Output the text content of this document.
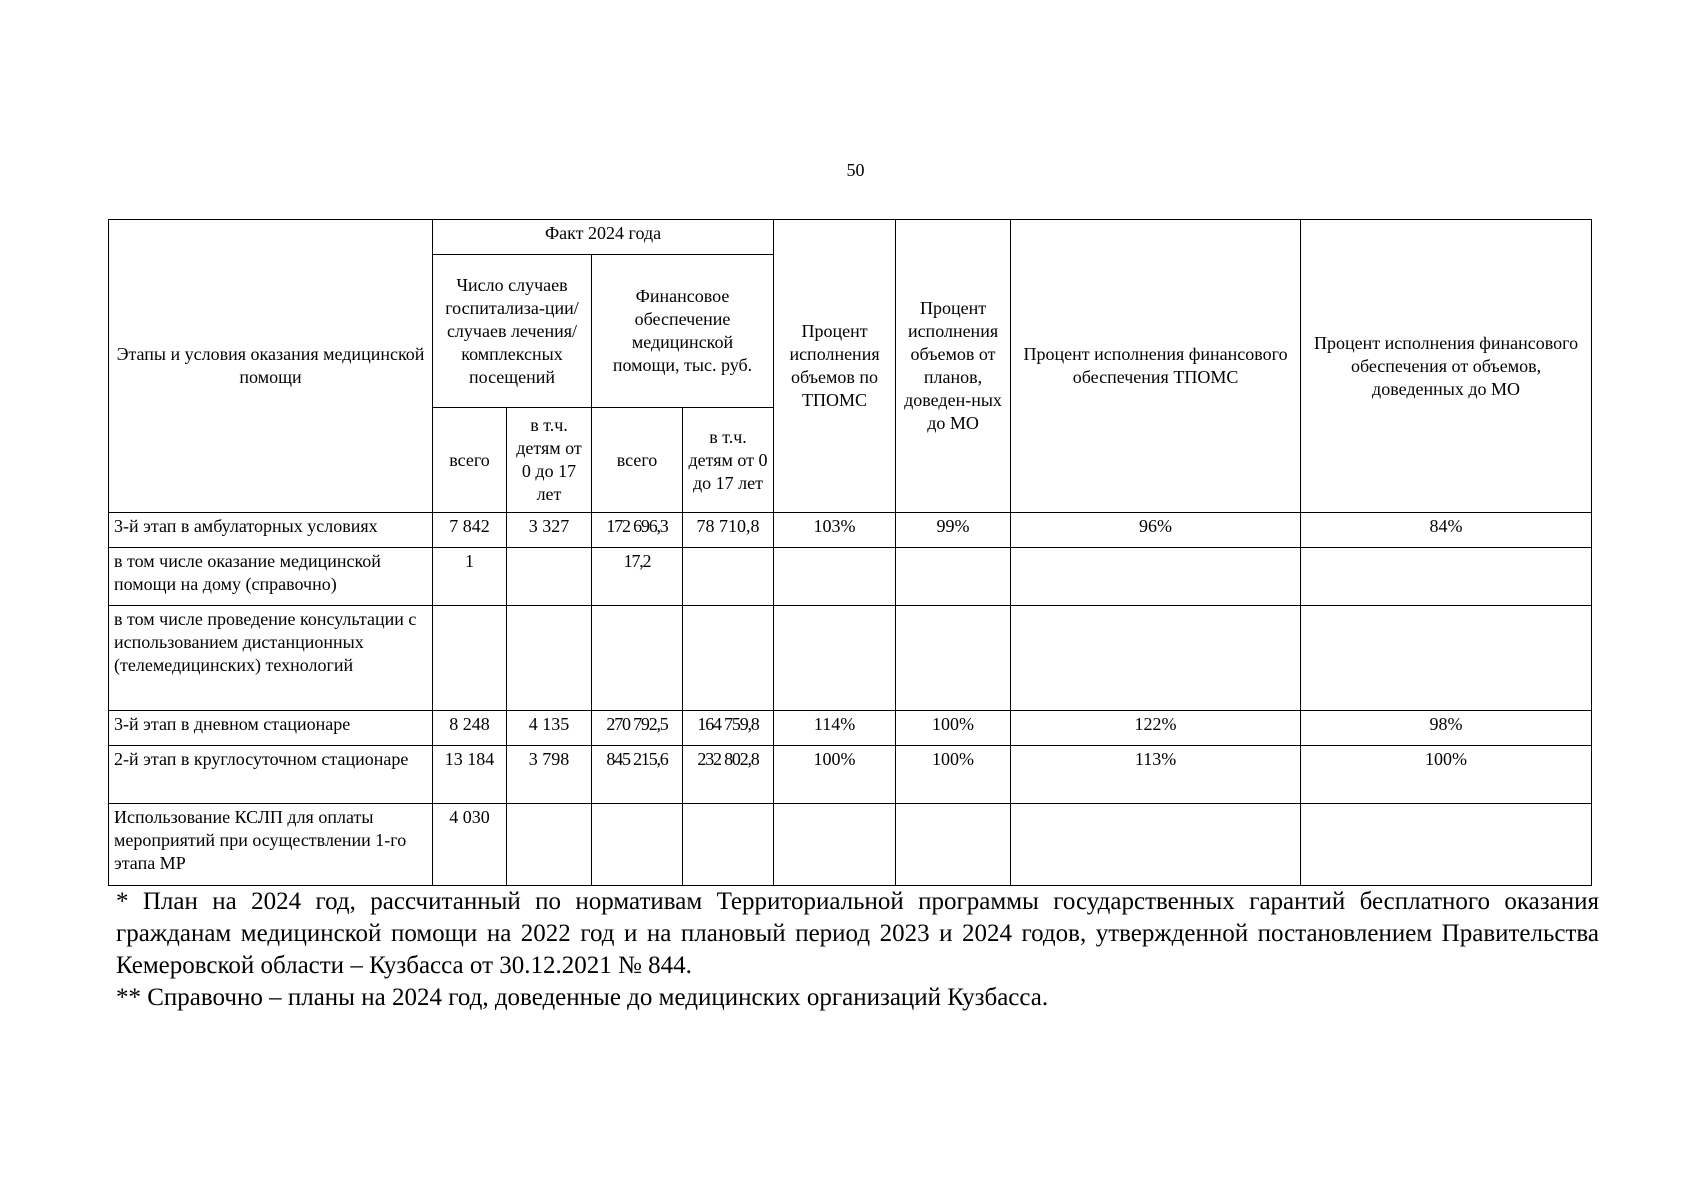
50
Этапы и условия оказания медицинской помощи	Факт 2024 года				Процент исполнения объемов по ТПОМС	Процент исполнения объемов от планов, доведен-ных до МО	Процент исполнения финансового обеспечения ТПОМС	Процент исполнения финансового обеспечения от объемов, доведенных до МО
	Число случаев госпитализа-ции/ случаев лечения/ комплексных посещений		Финансовое обеспечение медицинской помощи, тыс. руб.					
	всего	в т.ч. детям от 0 до 17 лет	всего	в т.ч. детям от 0 до 17 лет				
3-й этап в амбулаторных условиях	7 842	3 327	172 696,3	78 710,8	103%	99%	96%	84%
в том числе оказание медицинской помощи на дому (справочно)	1		17,2					
в том числе проведение консультации с использованием дистанционных (телемедицинских) технологий								
3-й этап в дневном стационаре	8 248	4 135	270 792,5	164 759,8	114%	100%	122%	98%
2-й этап в круглосуточном стационаре	13 184	3 798	845 215,6	232 802,8	100%	100%	113%	100%
Использование КСЛП для оплаты мероприятий при осуществлении 1-го этапа МР	4 030							

* План на 2024 год, рассчитанный по нормативам Территориальной программы государственных гарантий бесплатного оказания гражданам медицинской помощи на 2022 год и на плановый период 2023 и 2024 годов, утвержденной постановлением Правительства Кемеровской области – Кузбасса от 30.12.2021 № 844.

** Справочно – планы на 2024 год, доведенные до медицинских организаций Кузбасса.
